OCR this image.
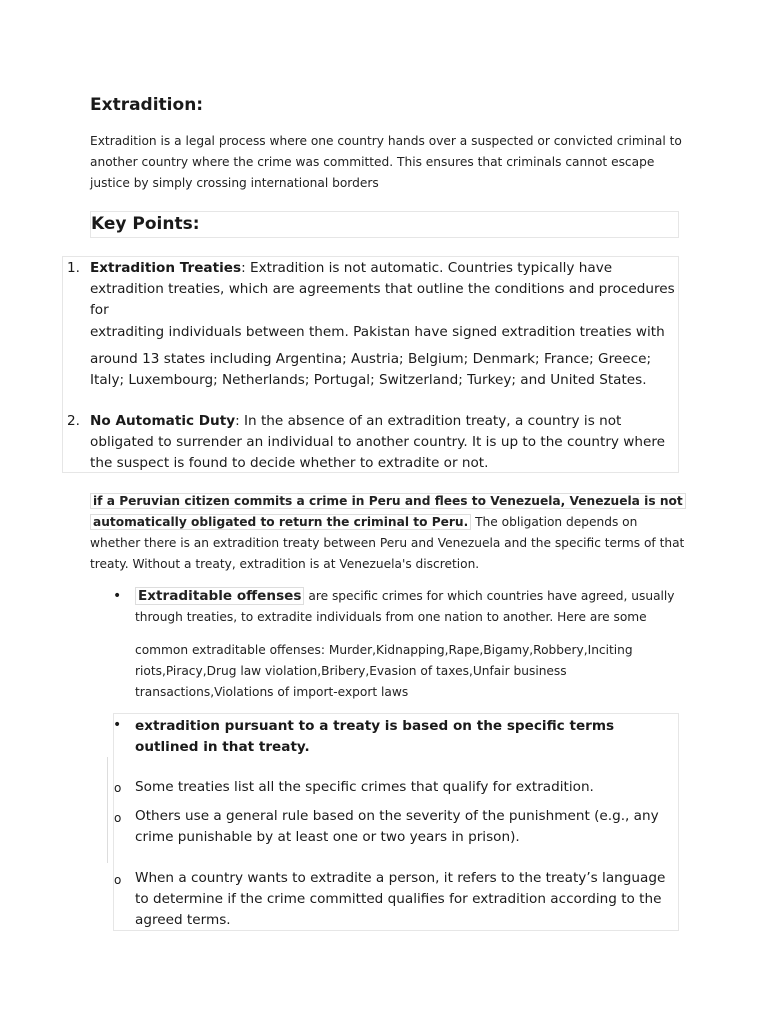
Extradition:
Extradition is a legal process where one country hands over a suspected or convicted criminal to another country where the crime was committed. This ensures that criminals cannot escape justice by simply crossing international borders
Key Points:
1. Extradition Treaties: Extradition is not automatic. Countries typically have extradition treaties, which are agreements that outline the conditions and procedures for
extraditing individuals between them. Pakistan have signed extradition treaties with
around 13 states including Argentina; Austria; Belgium; Denmark; France; Greece; Italy; Luxembourg; Netherlands; Portugal; Switzerland; Turkey; and United States.
2. No Automatic Duty: In the absence of an extradition treaty, a country is not obligated to surrender an individual to another country. It is up to the country where the suspect is found to decide whether to extradite or not.
if a Peruvian citizen commits a crime in Peru and flees to Venezuela, Venezuela is not
automatically obligated to return the criminal to Peru. The obligation depends on whether there is an extradition treaty between Peru and Venezuela and the specific terms of that treaty. Without a treaty, extradition is at Venezuela's discretion.
• Extraditable offenses are specific crimes for which countries have agreed, usually through treaties, to extradite individuals from one nation to another. Here are some
common extraditable offenses: Murder,Kidnapping,Rape,Bigamy,Robbery,Inciting riots,Piracy,Drug law violation,Bribery,Evasion of taxes,Unfair business transactions,Violations of import-export laws
• extradition pursuant to a treaty is based on the specific terms outlined in that treaty.
o Some treaties list all the specific crimes that qualify for extradition.
o Others use a general rule based on the severity of the punishment (e.g., any crime punishable by at least one or two years in prison).
o When a country wants to extradite a person, it refers to the treaty’s language to determine if the crime committed qualifies for extradition according to the agreed terms.
